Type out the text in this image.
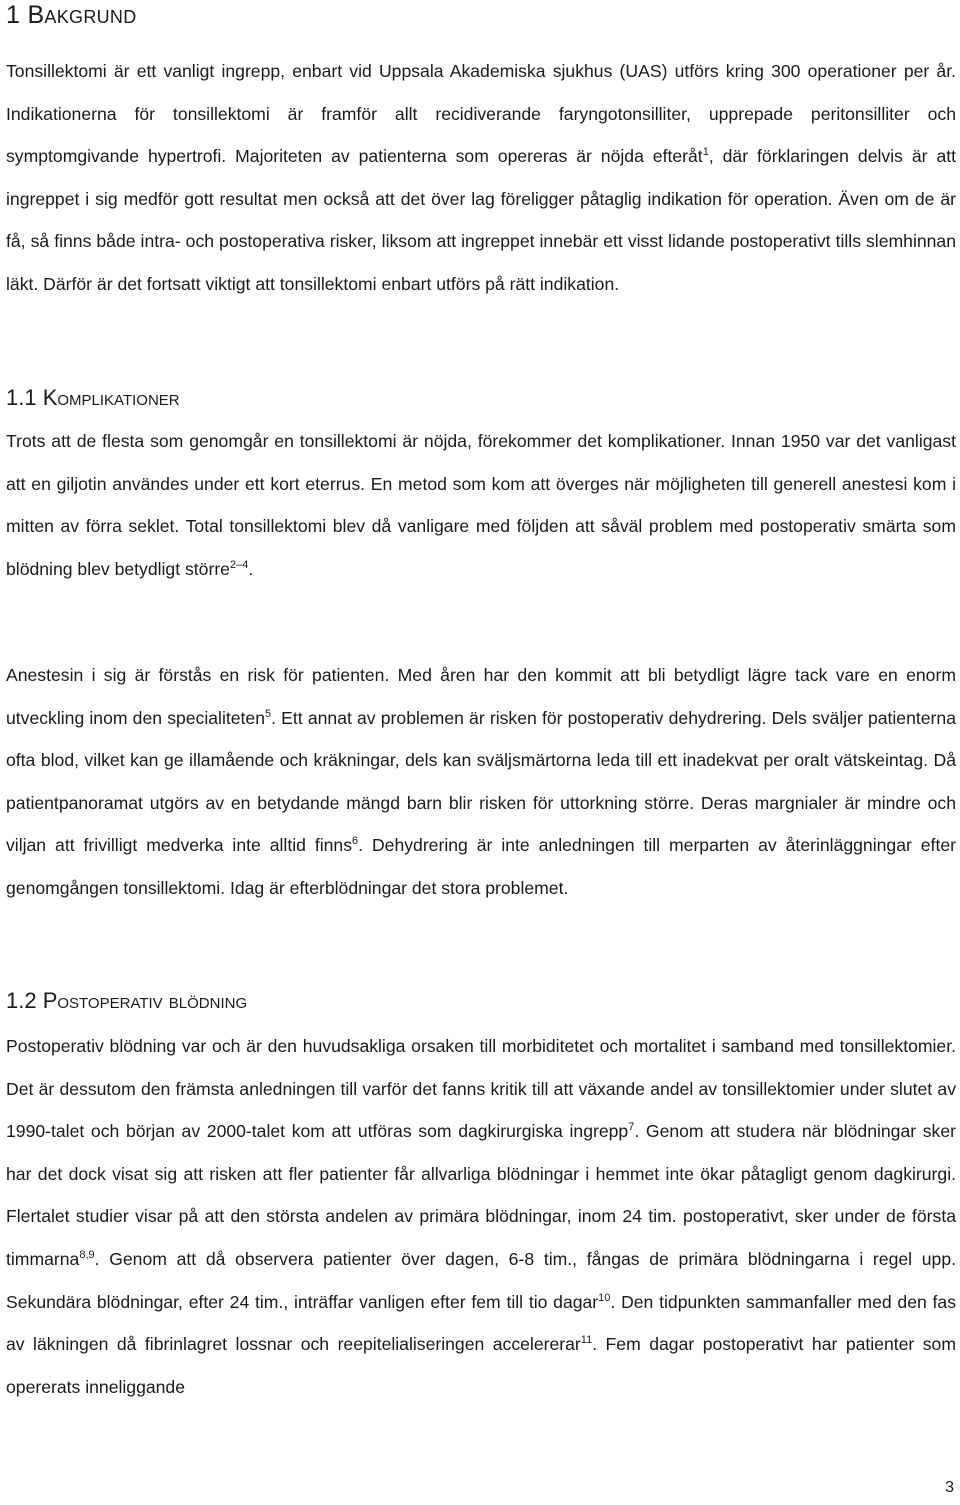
1 Bakgrund

Tonsillektomi är ett vanligt ingrepp, enbart vid Uppsala Akademiska sjukhus (UAS) utförs kring 300 operationer per år. Indikationerna för tonsillektomi är framför allt recidiverande faryngotonsilliter, upprepade peritonsilliter och symptomgivande hypertrofi. Majoriteten av patienterna som opereras är nöjda efteråt$^1$, där förklaringen delvis är att ingreppet i sig medför gott resultat men också att det över lag föreligger påtaglig indikation för operation. Även om de är få, så finns både intra- och postoperativa risker, liksom att ingreppet innebär ett visst lidande postoperativt tills slemhinnan läkt. Därför är det fortsatt viktigt att tonsillektomi enbart utförs på rätt indikation.

1.1 Komplikationer

Trots att de flesta som genomgår en tonsillektomi är nöjda, förekommer det komplikationer. Innan 1950 var det vanligast att en giljotin användes under ett kort eterrus. En metod som kom att överges när möjligheten till generell anestesi kom i mitten av förra seklet. Total tonsillektomi blev då vanligare med följden att såväl problem med postoperativ smärta som blödning blev betydligt större$^{2-4}$.

Anestesin i sig är förstås en risk för patienten. Med åren har den kommit att bli betydligt lägre tack vare en enorm utveckling inom den specialiteten$^5$. Ett annat av problemen är risken för postoperativ dehydrering. Dels sväljer patienterna ofta blod, vilket kan ge illamående och kräkningar, dels kan sväljsmärtorna leda till ett inadekvat per oralt vätskeintag. Då patientpanoramat utgörs av en betydande mängd barn blir risken för uttorkning större. Deras margnialer är mindre och viljan att frivilligt medverka inte alltid finns$^6$. Dehydrering är inte anledningen till merparten av återinläggningar efter genomgången tonsillektomi. Idag är efterblödningar det stora problemet.

1.2 Postoperativ blödning

Postoperativ blödning var och är den huvudsakliga orsaken till morbiditetet och mortalitet i samband med tonsillektomier. Det är dessutom den främsta anledningen till varför det fanns kritik till att växande andel av tonsillektomier under slutet av 1990-talet och början av 2000-talet kom att utföras som dagkirurgiska ingrepp$^7$. Genom att studera när blödningar sker har det dock visat sig att risken att fler patienter får allvarliga blödningar i hemmet inte ökar påtagligt genom dagkirurgi. Flertalet studier visar på att den största andelen av primära blödningar, inom 24 tim. postoperativt, sker under de första timmarna$^{8,9}$. Genom att då observera patienter över dagen, 6-8 tim., fångas de primära blödningarna i regel upp. Sekundära blödningar, efter 24 tim., inträffar vanligen efter fem till tio dagar$^{10}$. Den tidpunkten sammanfaller med den fas av läkningen då fibrinlagret lossnar och reepitelialiseringen accelererar$^{11}$. Fem dagar postoperativt har patienter som opererats inneliggande

3
